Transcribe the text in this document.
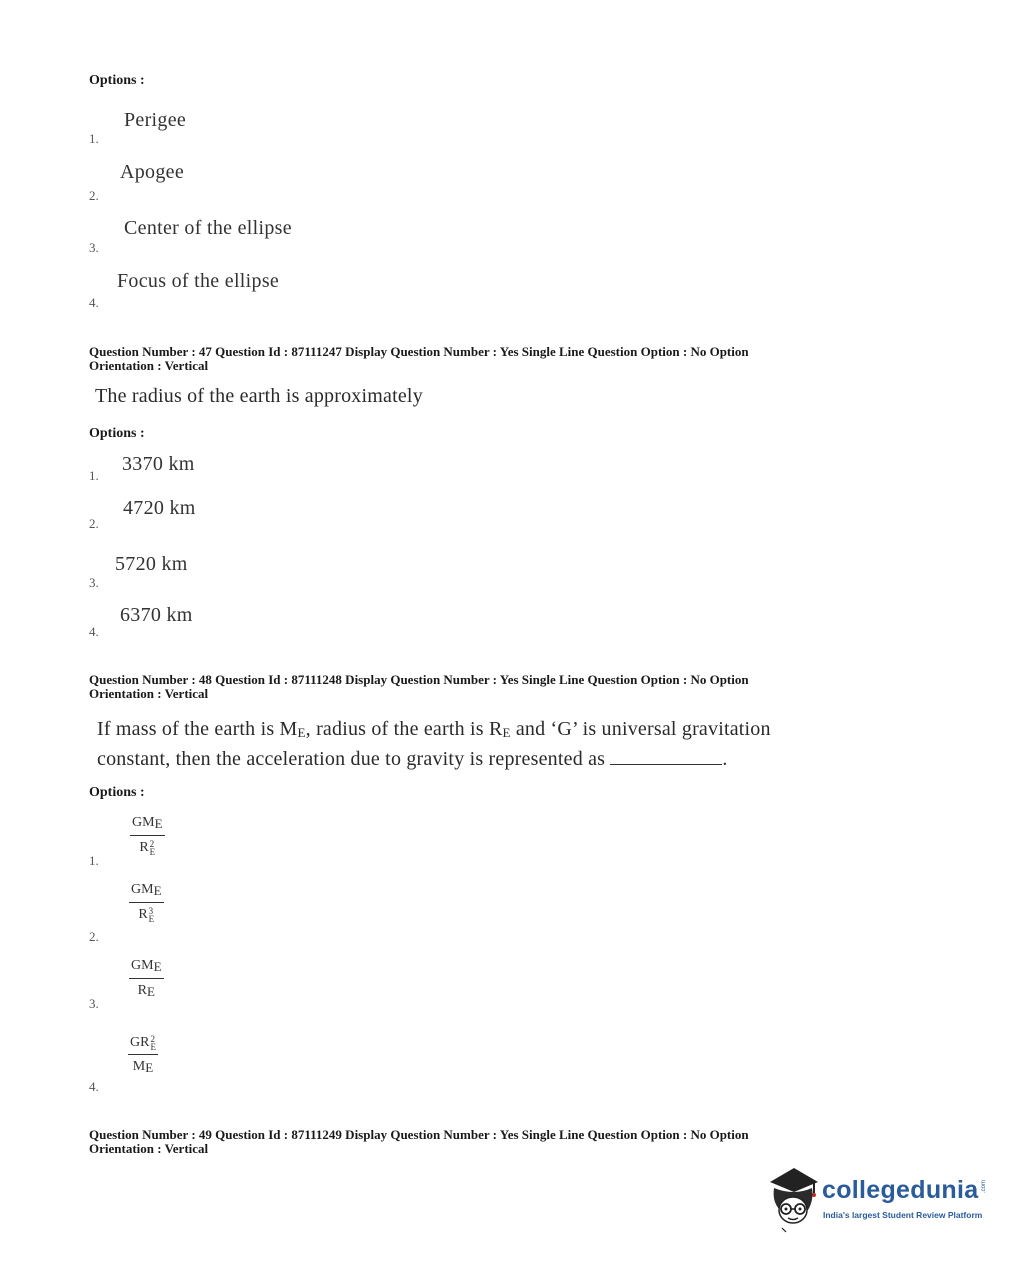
Options :
Perigee
1.
Apogee
2.
Center of the ellipse
3.
Focus of the ellipse
4.
Question Number : 47 Question Id : 87111247 Display Question Number : Yes Single Line Question Option : No Option
Orientation : Vertical
The radius of the earth is approximately
Options :
3370 km
1.
4720 km
2.
5720 km
3.
6370 km
4.
Question Number : 48 Question Id : 87111248 Display Question Number : Yes Single Line Question Option : No Option
Orientation : Vertical
If mass of the earth is ME, radius of the earth is RE and ‘G’ is universal gravitation
constant, then the acceleration due to gravity is represented as	.
Options :
GME
R 2
E
1.
GME
R 3
E
2.
GME
RE
3.
GR 2
E
ME
4.
Question Number : 49 Question Id : 87111249 Display Question Number : Yes Single Line Question Option : No Option
Orientation : Vertical
collegedunia .com
India's largest Student Review Platform
